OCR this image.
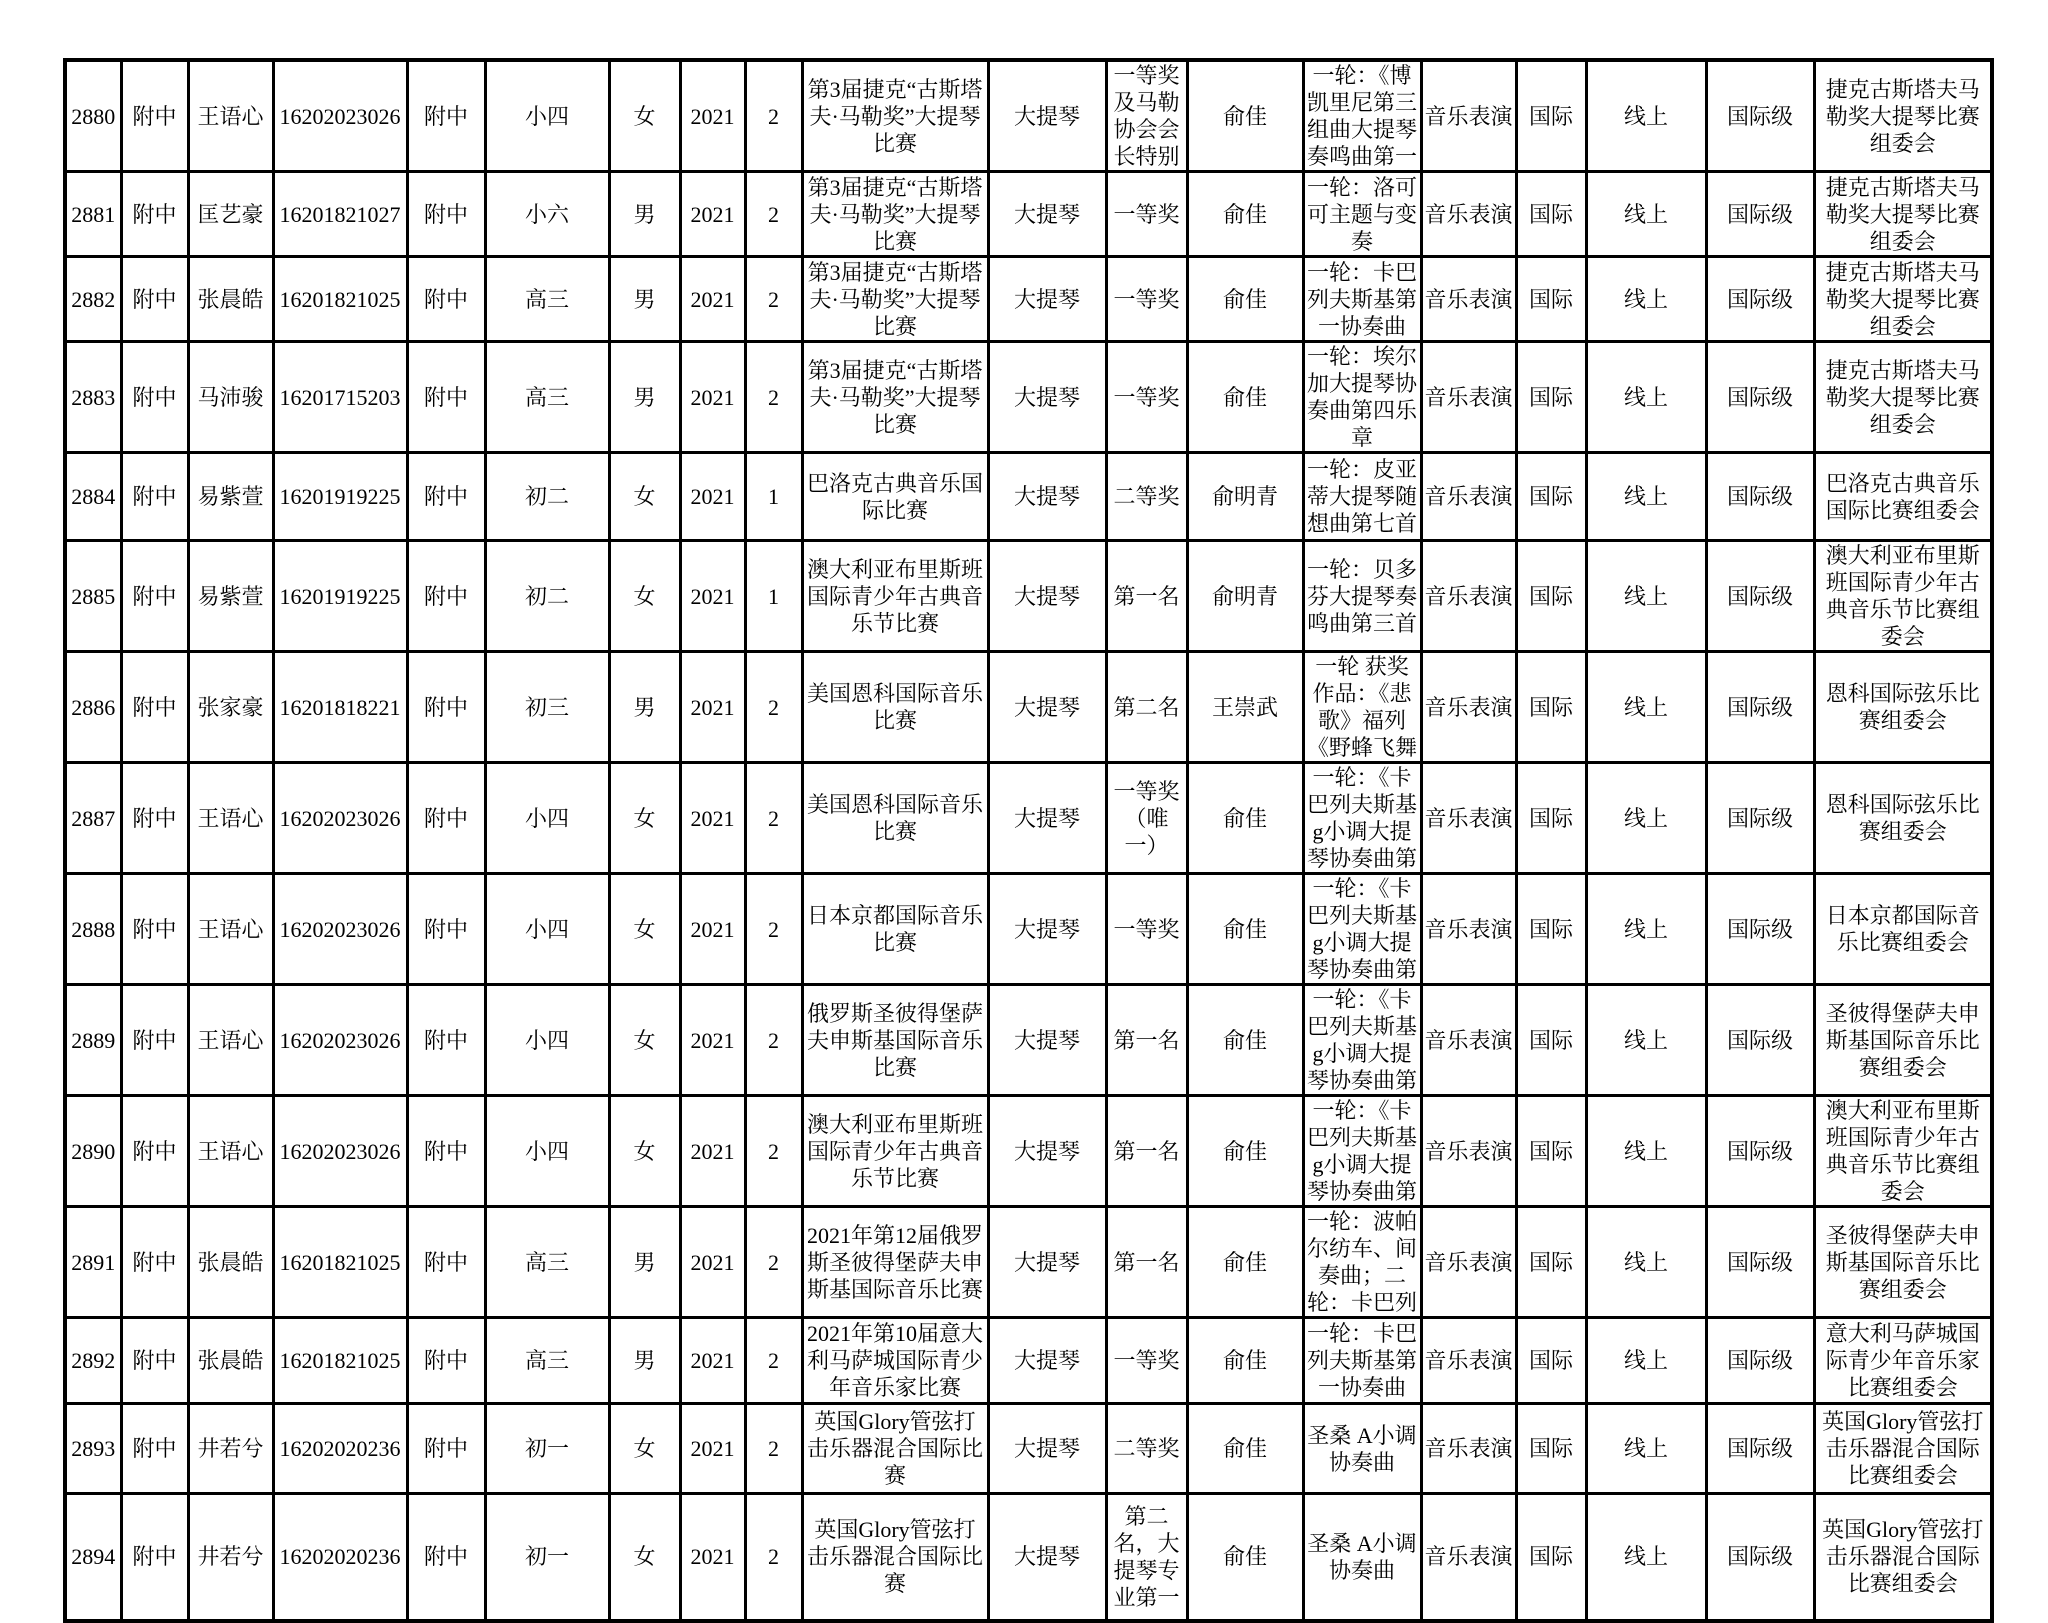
2880	附中	王语心	16202023026	附中	小四	女	2021	2	第3届捷克“古斯塔夫·马勒奖”大提琴比赛	大提琴	一等奖及马勒协会会长特别	俞佳	一轮：《博凯里尼第三组曲大提琴奏鸣曲第一	音乐表演	国际	线上	国际级	捷克古斯塔夫马勒奖大提琴比赛组委会

2881	附中	匡艺豪	16201821027	附中	小六	男	2021	2	第3届捷克“古斯塔夫·马勒奖”大提琴比赛	大提琴	一等奖	俞佳	一轮：洛可可主题与变奏	音乐表演	国际	线上	国际级	捷克古斯塔夫马勒奖大提琴比赛组委会

2882	附中	张晨皓	16201821025	附中	高三	男	2021	2	第3届捷克“古斯塔夫·马勒奖”大提琴比赛	大提琴	一等奖	俞佳	一轮：卡巴列夫斯基第一协奏曲	音乐表演	国际	线上	国际级	捷克古斯塔夫马勒奖大提琴比赛组委会

2883	附中	马沛骏	16201715203	附中	高三	男	2021	2	第3届捷克“古斯塔夫·马勒奖”大提琴比赛	大提琴	一等奖	俞佳	一轮：埃尔加大提琴协奏曲第四乐章	音乐表演	国际	线上	国际级	捷克古斯塔夫马勒奖大提琴比赛组委会

2884	附中	易紫萱	16201919225	附中	初二	女	2021	1	巴洛克古典音乐国际比赛	大提琴	二等奖	俞明青	一轮：皮亚蒂大提琴随想曲第七首	音乐表演	国际	线上	国际级	巴洛克古典音乐国际比赛组委会

2885	附中	易紫萱	16201919225	附中	初二	女	2021	1	澳大利亚布里斯班国际青少年古典音乐节比赛	大提琴	第一名	俞明青	一轮：贝多芬大提琴奏鸣曲第三首	音乐表演	国际	线上	国际级	澳大利亚布里斯班国际青少年古典音乐节比赛组委会

2886	附中	张家豪	16201818221	附中	初三	男	2021	2	美国恩科国际音乐比赛	大提琴	第二名	王崇武	一轮 获奖作品：《悲歌》福列《野蜂飞舞	音乐表演	国际	线上	国际级	恩科国际弦乐比赛组委会

2887	附中	王语心	16202023026	附中	小四	女	2021	2	美国恩科国际音乐比赛	大提琴	一等奖（唯一）	俞佳	一轮：《卡巴列夫斯基g小调大提琴协奏曲第	音乐表演	国际	线上	国际级	恩科国际弦乐比赛组委会

2888	附中	王语心	16202023026	附中	小四	女	2021	2	日本京都国际音乐比赛	大提琴	一等奖	俞佳	一轮：《卡巴列夫斯基g小调大提琴协奏曲第	音乐表演	国际	线上	国际级	日本京都国际音乐比赛组委会

2889	附中	王语心	16202023026	附中	小四	女	2021	2	俄罗斯圣彼得堡萨夫申斯基国际音乐比赛	大提琴	第一名	俞佳	一轮：《卡巴列夫斯基g小调大提琴协奏曲第	音乐表演	国际	线上	国际级	圣彼得堡萨夫申斯基国际音乐比赛组委会

2890	附中	王语心	16202023026	附中	小四	女	2021	2	澳大利亚布里斯班国际青少年古典音乐节比赛	大提琴	第一名	俞佳	一轮：《卡巴列夫斯基g小调大提琴协奏曲第	音乐表演	国际	线上	国际级	澳大利亚布里斯班国际青少年古典音乐节比赛组委会

2891	附中	张晨皓	16201821025	附中	高三	男	2021	2	2021年第12届俄罗斯圣彼得堡萨夫申斯基国际音乐比赛	大提琴	第一名	俞佳	一轮：波帕尔纺车、间奏曲；二轮：卡巴列	音乐表演	国际	线上	国际级	圣彼得堡萨夫申斯基国际音乐比赛组委会

2892	附中	张晨皓	16201821025	附中	高三	男	2021	2	2021年第10届意大利马萨城国际青少年音乐家比赛	大提琴	一等奖	俞佳	一轮：卡巴列夫斯基第一协奏曲	音乐表演	国际	线上	国际级	意大利马萨城国际青少年音乐家比赛组委会

2893	附中	井若兮	16202020236	附中	初一	女	2021	2	英国Glory管弦打击乐器混合国际比赛	大提琴	二等奖	俞佳	圣桑 A小调协奏曲	音乐表演	国际	线上	国际级	英国Glory管弦打击乐器混合国际比赛组委会

2894	附中	井若兮	16202020236	附中	初一	女	2021	2	英国Glory管弦打击乐器混合国际比赛	大提琴	第二名，大提琴专业第一	俞佳	圣桑 A小调协奏曲	音乐表演	国际	线上	国际级	英国Glory管弦打击乐器混合国际比赛组委会
